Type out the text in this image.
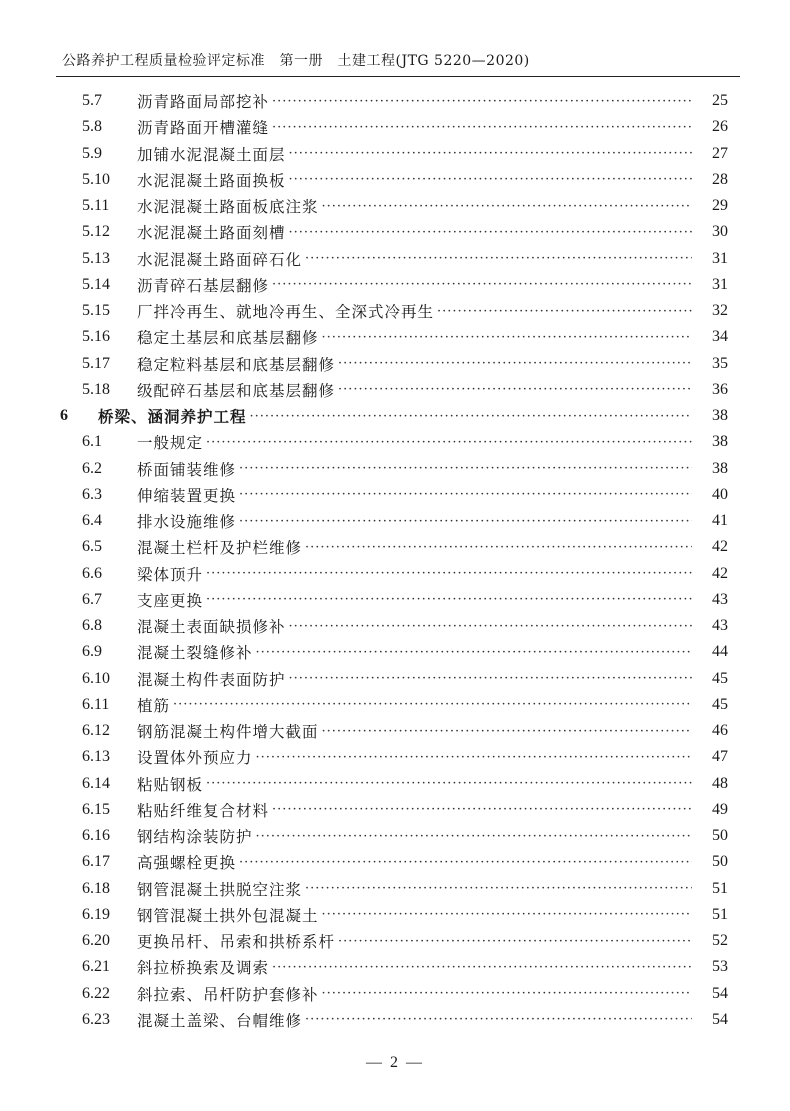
公路养护工程质量检验评定标准　第一册　土建工程(JTG 5220—2020)
5.7	沥青路面局部挖补 ·····	25
5.8	沥青路面开槽灌缝 ·····	26
5.9	加铺水泥混凝土面层 ·····	27
5.10	水泥混凝土路面换板 ·····	28
5.11	水泥混凝土路面板底注浆 ·····	29
5.12	水泥混凝土路面刻槽 ·····	30
5.13	水泥混凝土路面碎石化 ·····	31
5.14	沥青碎石基层翻修 ·····	31
5.15	厂拌冷再生、就地冷再生、全深式冷再生 ·····	32
5.16	稳定土基层和底基层翻修 ·····	34
5.17	稳定粒料基层和底基层翻修 ·····	35
5.18	级配碎石基层和底基层翻修 ·····	36
6	桥梁、涵洞养护工程 ·····	38
6.1	一般规定 ·····	38
6.2	桥面铺装维修 ·····	38
6.3	伸缩装置更换 ·····	40
6.4	排水设施维修 ·····	41
6.5	混凝土栏杆及护栏维修 ·····	42
6.6	梁体顶升 ·····	42
6.7	支座更换 ·····	43
6.8	混凝土表面缺损修补 ·····	43
6.9	混凝土裂缝修补 ·····	44
6.10	混凝土构件表面防护 ·····	45
6.11	植筋 ·····	45
6.12	钢筋混凝土构件增大截面 ·····	46
6.13	设置体外预应力 ·····	47
6.14	粘贴钢板 ·····	48
6.15	粘贴纤维复合材料 ·····	49
6.16	钢结构涂装防护 ·····	50
6.17	高强螺栓更换 ·····	50
6.18	钢管混凝土拱脱空注浆 ·····	51
6.19	钢管混凝土拱外包混凝土 ·····	51
6.20	更换吊杆、吊索和拱桥系杆 ·····	52
6.21	斜拉桥换索及调索 ·····	53
6.22	斜拉索、吊杆防护套修补 ·····	54
6.23	混凝土盖梁、台帽维修 ·····	54
— 2 —
